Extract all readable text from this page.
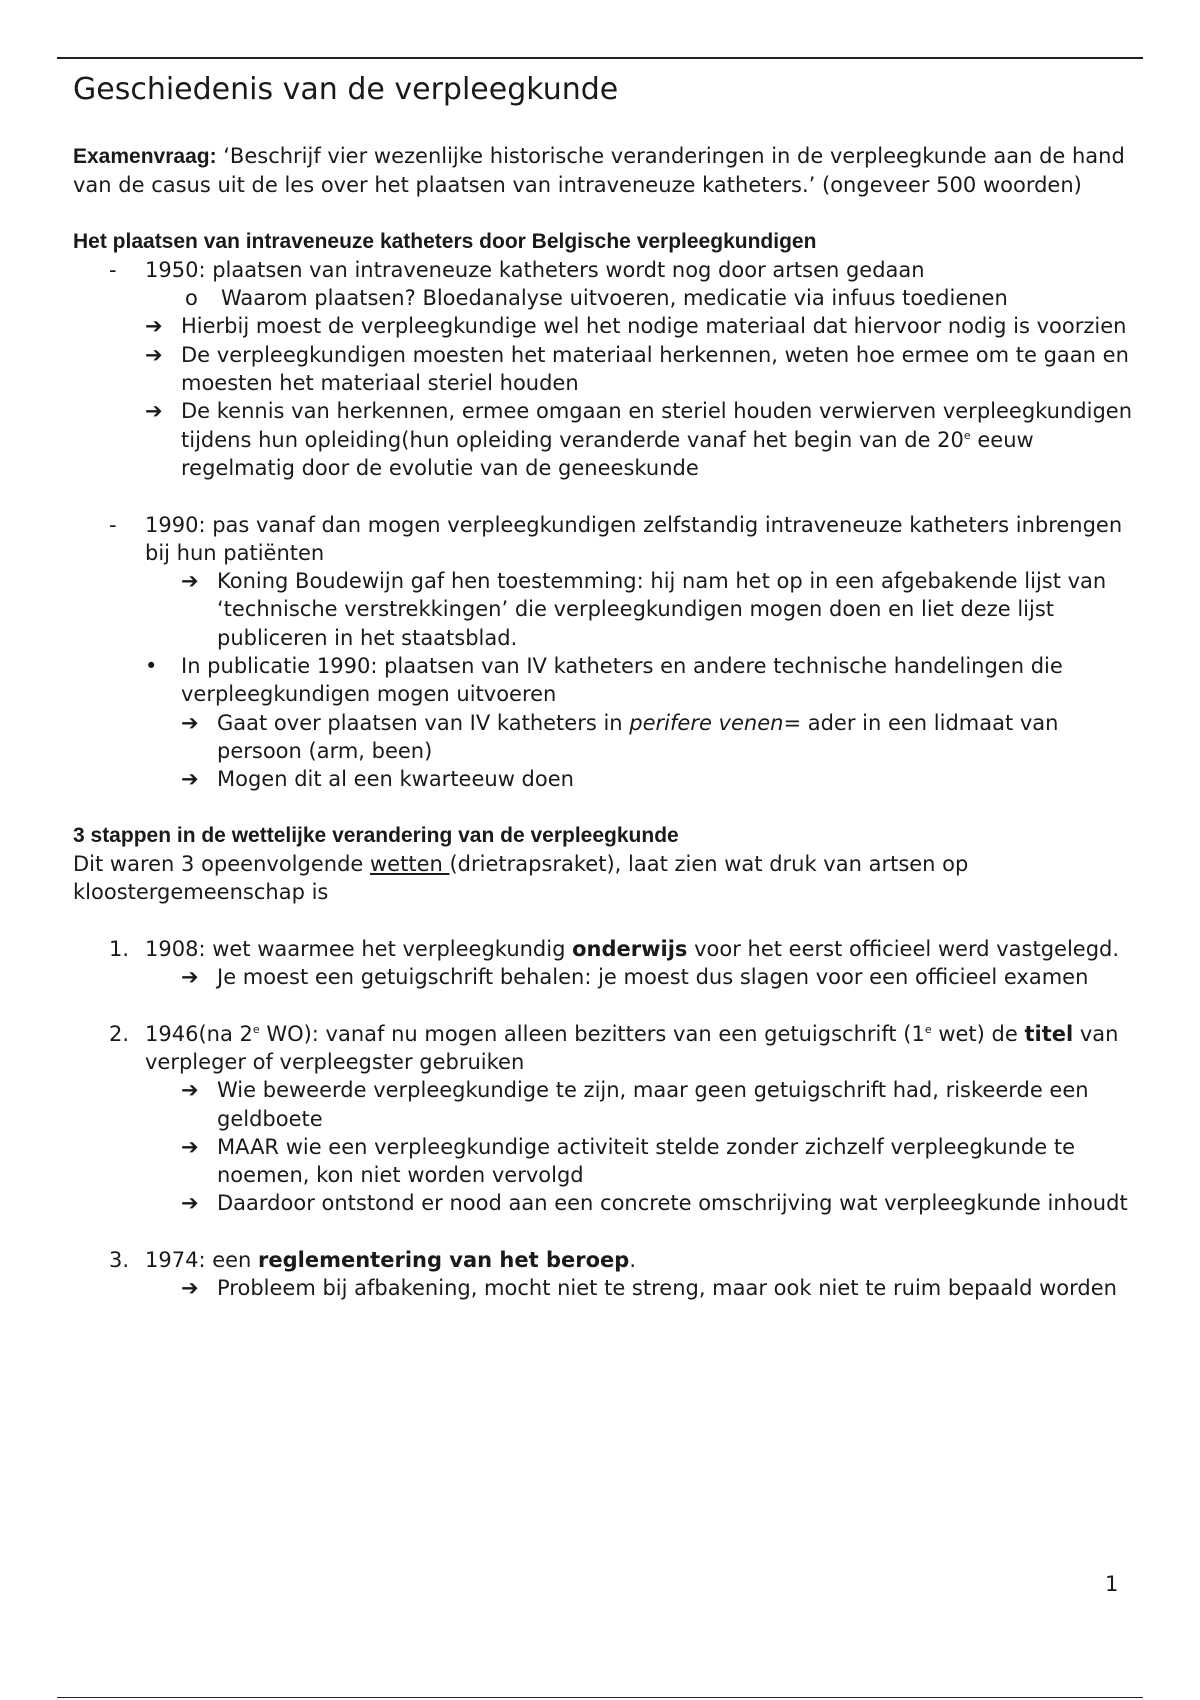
Geschiedenis van de verpleegkunde

Examenvraag: ‘Beschrijf vier wezenlijke historische veranderingen in de verpleegkunde aan de hand van de casus uit de les over het plaatsen van intraveneuze katheters.’ (ongeveer 500 woorden)

Het plaatsen van intraveneuze katheters door Belgische verpleegkundigen
-	1950: plaatsen van intraveneuze katheters wordt nog door artsen gedaan
o	Waarom plaatsen? Bloedanalyse uitvoeren, medicatie via infuus toedienen
➔ Hierbij moest de verpleegkundige wel het nodige materiaal dat hiervoor nodig is voorzien
➔ De verpleegkundigen moesten het materiaal herkennen, weten hoe ermee om te gaan en moesten het materiaal steriel houden
➔ De kennis van herkennen, ermee omgaan en steriel houden verwierven verpleegkundigen tijdens hun opleiding(hun opleiding veranderde vanaf het begin van de 20e eeuw regelmatig door de evolutie van de geneeskunde
-	1990: pas vanaf dan mogen verpleegkundigen zelfstandig intraveneuze katheters inbrengen bij hun patiënten
➔ Koning Boudewijn gaf hen toestemming: hij nam het op in een afgebakende lijst van ‘technische verstrekkingen’ die verpleegkundigen mogen doen en liet deze lijst publiceren in het staatsblad.
•	In publicatie 1990: plaatsen van IV katheters en andere technische handelingen die verpleegkundigen mogen uitvoeren
➔ Gaat over plaatsen van IV katheters in perifere venen= ader in een lidmaat van persoon (arm, been)
➔ Mogen dit al een kwarteeuw doen
3 stappen in de wettelijke verandering van de verpleegkunde

Dit waren 3 opeenvolgende wetten (drietrapsraket), laat zien wat druk van artsen op kloostergemeenschap is

1. 1908: wet waarmee het verpleegkundig onderwijs voor het eerst officieel werd vastgelegd.
➔ Je moest een getuigschrift behalen: je moest dus slagen voor een officieel examen
2. 1946(na 2e WO): vanaf nu mogen alleen bezitters van een getuigschrift (1e wet) de titel van verpleger of verpleegster gebruiken
➔ Wie beweerde verpleegkundige te zijn, maar geen getuigschrift had, riskeerde een geldboete
➔ MAAR wie een verpleegkundige activiteit stelde zonder zichzelf verpleegkunde te noemen, kon niet worden vervolgd
➔ Daardoor ontstond er nood aan een concrete omschrijving wat verpleegkunde inhoudt
3. 1974: een reglementering van het beroep.
➔ Probleem bij afbakening, mocht niet te streng, maar ook niet te ruim bepaald worden
1
